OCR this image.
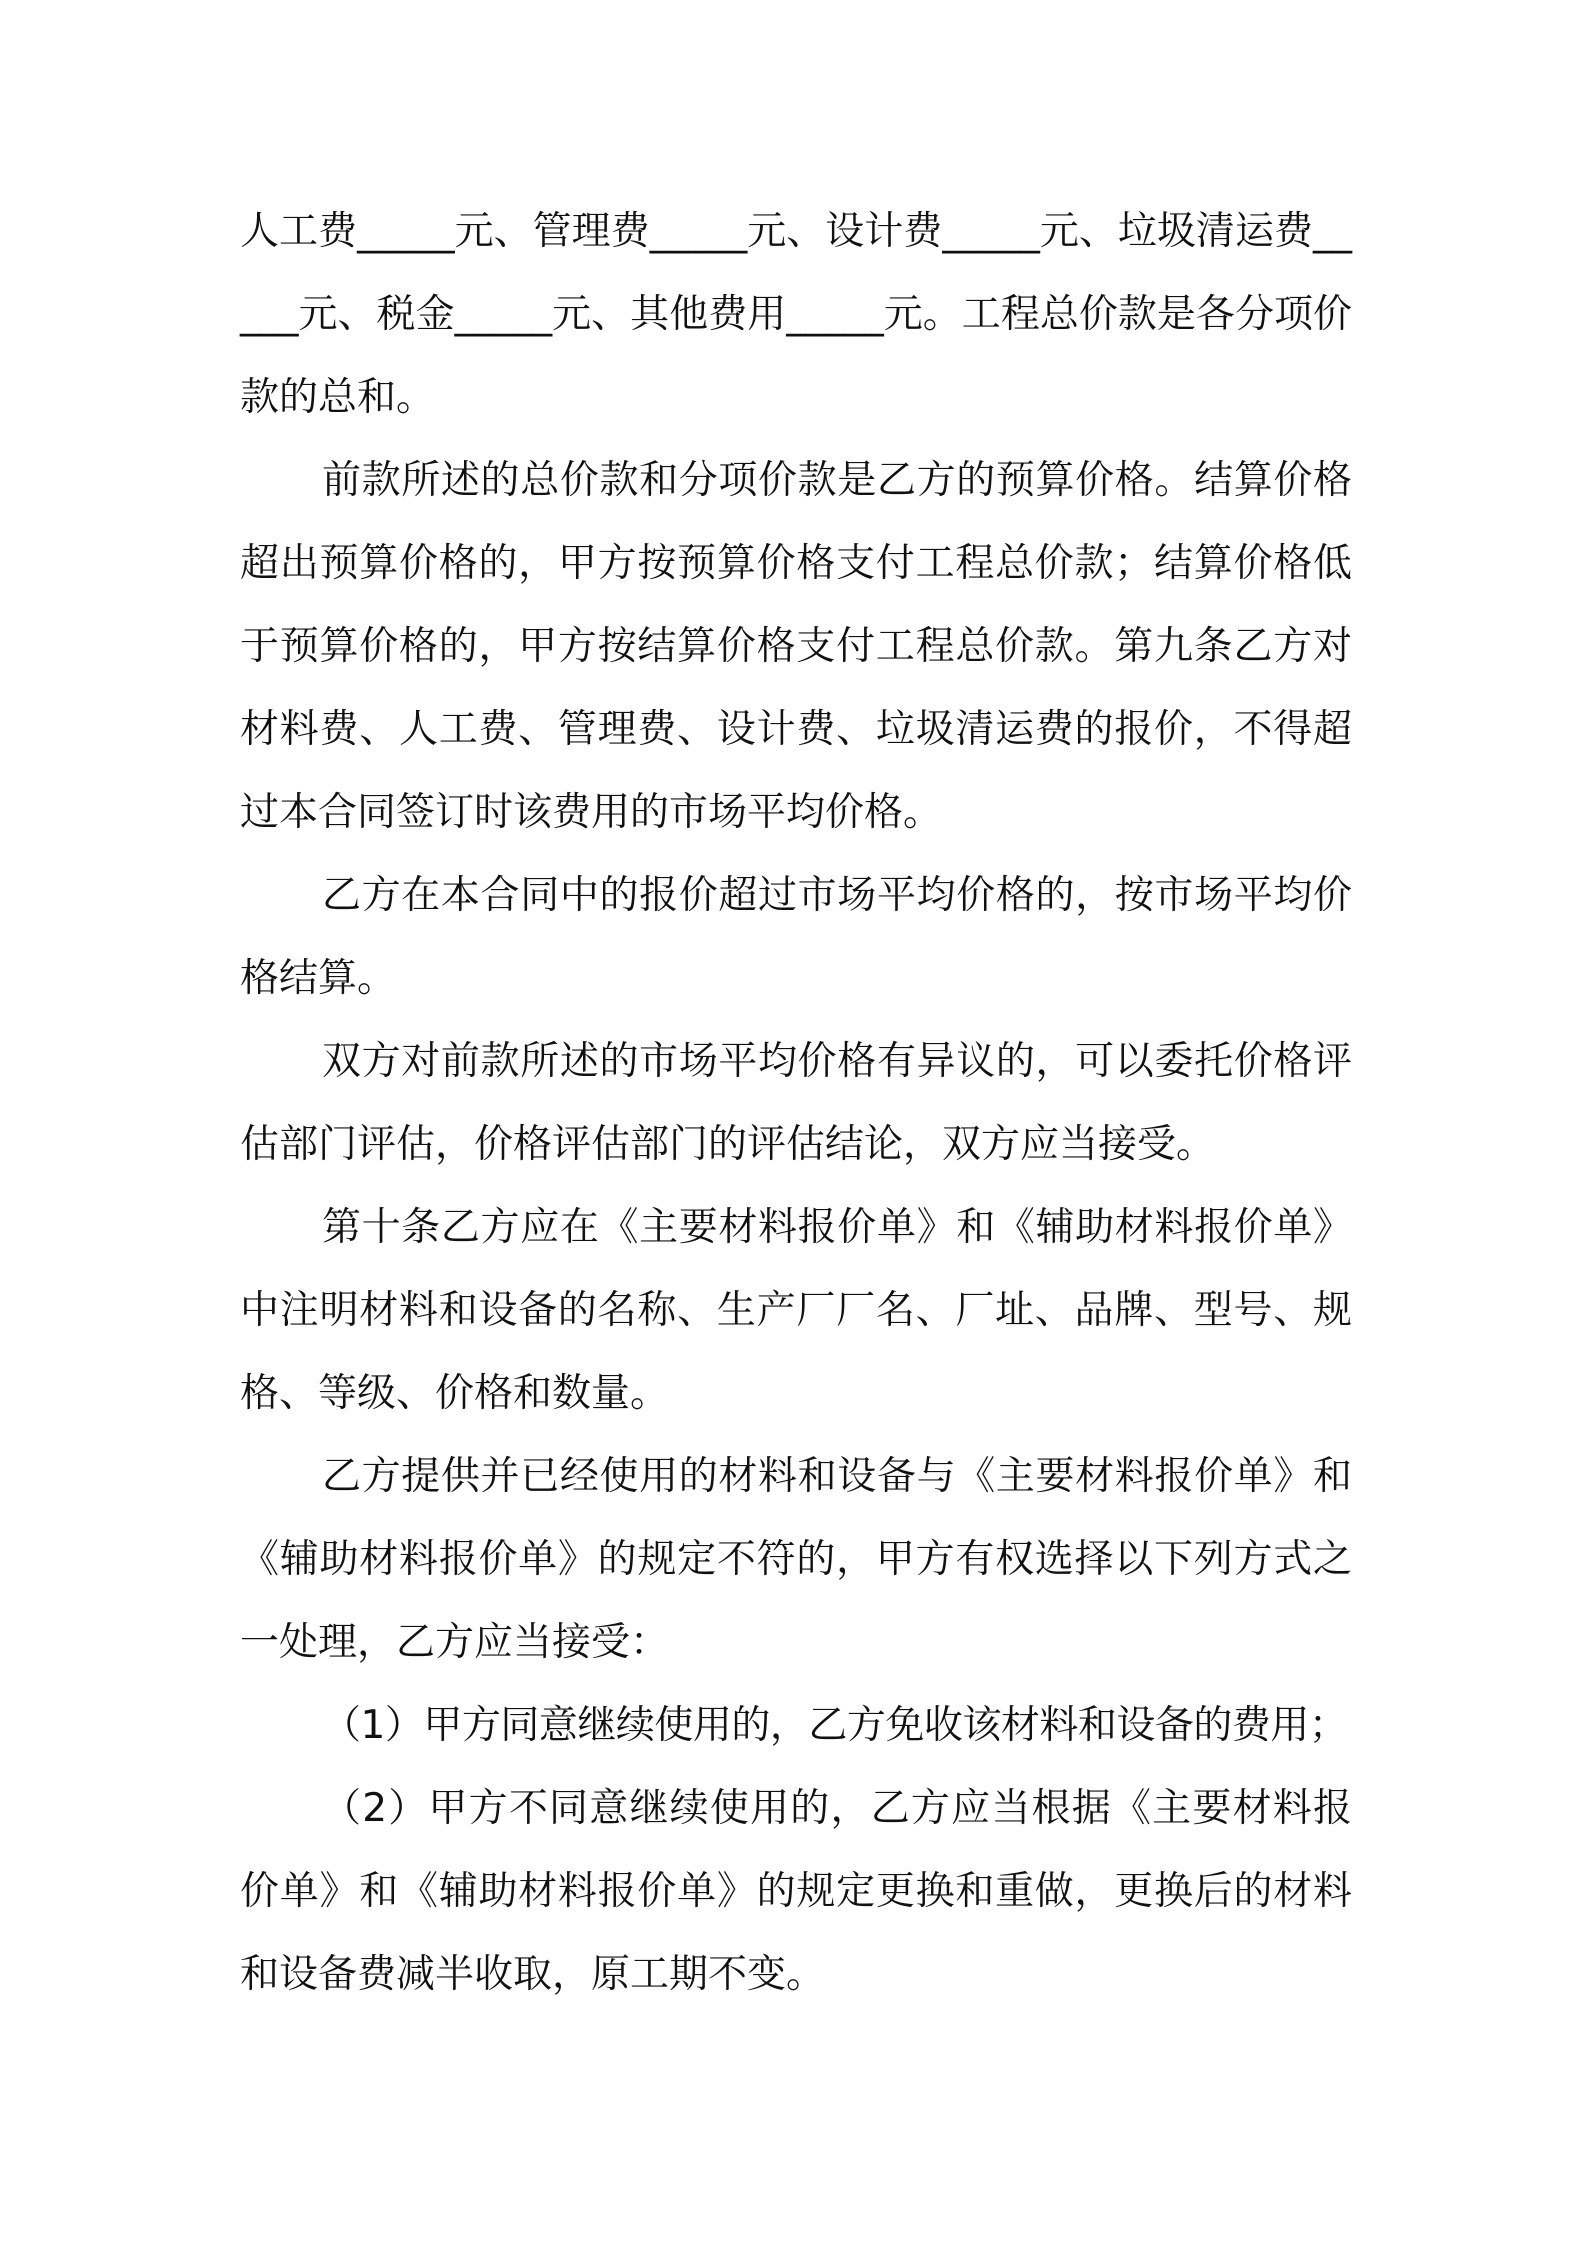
人工费_____元、管理费_____元、设计费_____元、垃圾清运费_____元、税金_____元、其他费用_____元。工程总价款是各分项价款的总和。

前款所述的总价款和分项价款是乙方的预算价格。结算价格超出预算价格的，甲方按预算价格支付工程总价款；结算价格低于预算价格的，甲方按结算价格支付工程总价款。第九条乙方对材料费、人工费、管理费、设计费、垃圾清运费的报价，不得超过本合同签订时该费用的市场平均价格。

乙方在本合同中的报价超过市场平均价格的，按市场平均价格结算。

双方对前款所述的市场平均价格有异议的，可以委托价格评估部门评估，价格评估部门的评估结论，双方应当接受。

第十条乙方应在《主要材料报价单》和《辅助材料报价单》中注明材料和设备的名称、生产厂厂名、厂址、品牌、型号、规格、等级、价格和数量。

乙方提供并已经使用的材料和设备与《主要材料报价单》和《辅助材料报价单》的规定不符的，甲方有权选择以下列方式之一处理，乙方应当接受：

（1）甲方同意继续使用的，乙方免收该材料和设备的费用；

（2）甲方不同意继续使用的，乙方应当根据《主要材料报价单》和《辅助材料报价单》的规定更换和重做，更换后的材料和设备费减半收取，原工期不变。
